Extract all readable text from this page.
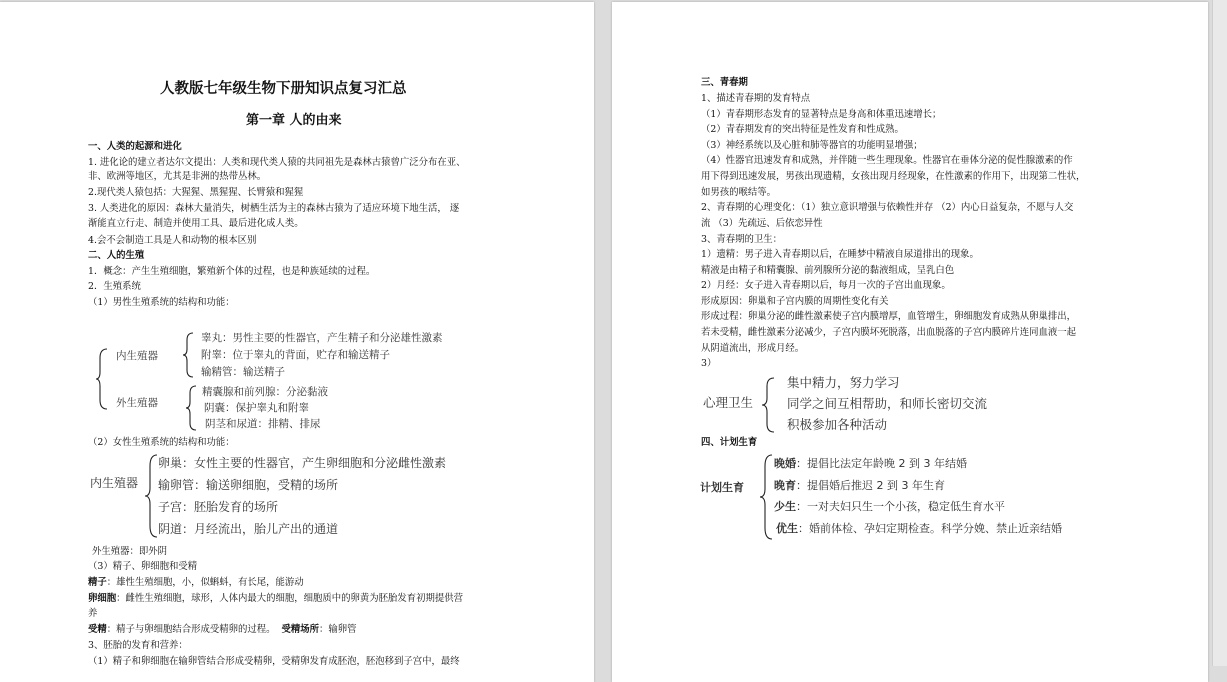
人教版七年级生物下册知识点复习汇总
第一章 人的由来
一、人类的起源和进化
1. 进化论的建立者达尔文提出：人类和现代类人猿的共同祖先是森林古猿曾广泛分布在亚、
非、欧洲等地区，尤其是非洲的热带丛林。
2.现代类人猿包括：大猩猩、黑猩猩、长臂猿和猩猩
3. 人类进化的原因：森林大量消失，树栖生活为主的森林古猿为了适应环境下地生活， 逐
渐能直立行走、制造并使用工具、最后进化成人类。
4.会不会制造工具是人和动物的根本区别
二、人的生殖
1．概念：产生生殖细胞，繁殖新个体的过程，也是种族延续的过程。
2．生殖系统
（1）男性生殖系统的结构和功能：
内生殖器
外生殖器
睾丸：男性主要的性器官，产生精子和分泌雄性激素
附睾：位于睾丸的背面，贮存和输送精子
输精管：输送精子
精囊腺和前列腺：分泌黏液
阴囊：保护睾丸和附睾
阴茎和尿道：排精、排尿
（2）女性生殖系统的结构和功能：
内生殖器
卵巢：女性主要的性器官，产生卵细胞和分泌雌性激素
输卵管：输送卵细胞，受精的场所
子宫：胚胎发育的场所
阴道：月经流出，胎儿产出的通道
外生殖器：即外阴
（3）精子、卵细胞和受精
精子：雄性生殖细胞，小，似蝌蚪，有长尾，能游动
卵细胞：雌性生殖细胞，球形，人体内最大的细胞，细胞质中的卵黄为胚胎发育初期提供营
养
受精：精子与卵细胞结合形成受精卵的过程。 受精场所：输卵管
3、胚胎的发育和营养：
（1）精子和卵细胞在输卵管结合形成受精卵，受精卵发育成胚泡，胚泡移到子宫中，最终
三、青春期
1、描述青春期的发育特点
（1）青春期形态发育的显著特点是身高和体重迅速增长；
（2）青春期发育的突出特征是性发育和性成熟。
（3）神经系统以及心脏和肺等器官的功能明显增强；
（4）性器官迅速发育和成熟，并伴随一些生理现象。性器官在垂体分泌的促性腺激素的作
用下得到迅速发展，男孩出现遗精，女孩出现月经现象，在性激素的作用下，出现第二性状，
如男孩的喉结等。
2、青春期的心理变化：（1）独立意识增强与依赖性并存 （2）内心日益复杂，不愿与人交
流 （3）先疏远、后依恋异性
3、青春期的卫生：
1）遗精：男子进入青春期以后，在睡梦中精液自尿道排出的现象。
精液是由精子和精囊腺、前列腺所分泌的黏液组成，呈乳白色
2）月经：女子进入青春期以后，每月一次的子宫出血现象。
形成原因：卵巢和子宫内膜的周期性变化有关
形成过程：卵巢分泌的雌性激素使子宫内膜增厚，血管增生，卵细胞发育成熟从卵巢排出，
若未受精，雌性激素分泌减少，子宫内膜坏死脱落，出血脱落的子宫内膜碎片连同血液一起
从阴道流出，形成月经。
3）
心理卫生
集中精力，努力学习
同学之间互相帮助，和师长密切交流
积极参加各种活动
四、计划生育
计划生育
晚婚：提倡比法定年龄晚 2 到 3 年结婚
晚育：提倡婚后推迟 2 到 3 年生育
少生：一对夫妇只生一个小孩，稳定低生育水平
优生：婚前体检、孕妇定期检查。科学分娩、禁止近亲结婚
